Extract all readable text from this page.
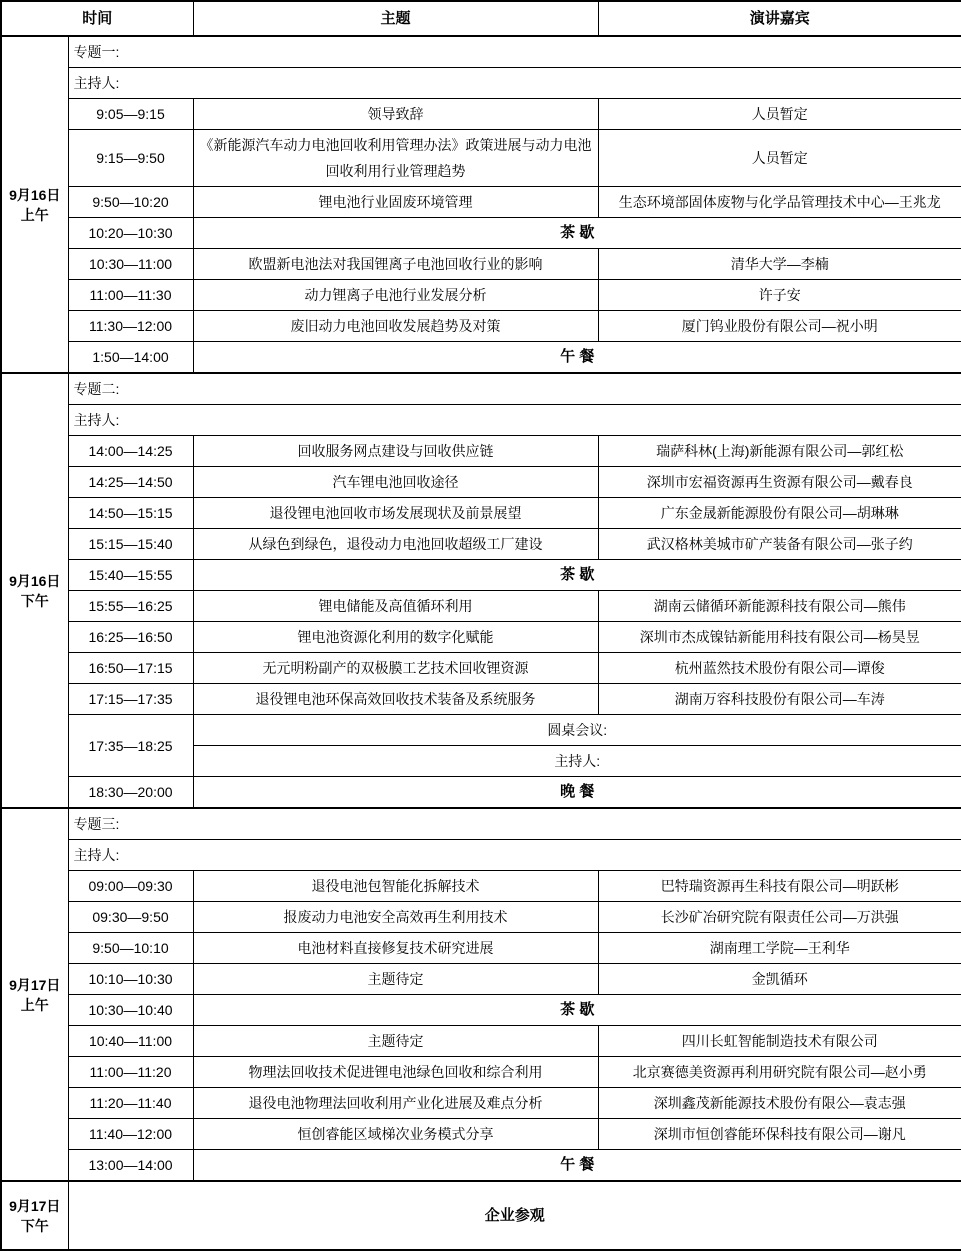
时间		主题	演讲嘉宾

9月16日
上午	专题一:		
	主持人:		
	9:05—9:15	领导致辞	人员暂定
	9:15—9:50	《新能源汽车动力电池回收利用管理办法》政策进展与动力电池回收利用行业管理趋势	人员暂定
	9:50—10:20	锂电池行业固废环境管理	生态环境部固体废物与化学品管理技术中心—王兆龙
	10:20—10:30	茶 歇	
	10:30—11:00	欧盟新电池法对我国锂离子电池回收行业的影响	清华大学—李楠
	11:00—11:30	动力锂离子电池行业发展分析	许子安
	11:30—12:00	废旧动力电池回收发展趋势及对策	厦门钨业股份有限公司—祝小明
	1:50—14:00	午 餐	

9月16日
下午	专题二:		
	主持人:		
	14:00—14:25	回收服务网点建设与回收供应链	瑞萨科林(上海)新能源有限公司—郭红松
	14:25—14:50	汽车锂电池回收途径	深圳市宏福资源再生资源有限公司—戴春良
	14:50—15:15	退役锂电池回收市场发展现状及前景展望	广东金晟新能源股份有限公司—胡琳琳
	15:15—15:40	从绿色到绿色，退役动力电池回收超级工厂建设	武汉格林美城市矿产装备有限公司—张子约
	15:40—15:55	茶 歇	
	15:55—16:25	锂电储能及高值循环利用	湖南云储循环新能源科技有限公司—熊伟
	16:25—16:50	锂电池资源化利用的数字化赋能	深圳市杰成镍钴新能用科技有限公司—杨昊昱
	16:50—17:15	无元明粉副产的双极膜工艺技术回收锂资源	杭州蓝然技术股份有限公司—谭俊
	17:15—17:35	退役锂电池环保高效回收技术装备及系统服务	湖南万容科技股份有限公司—车涛
	17:35—18:25	圆桌会议:	
		主持人:	
	18:30—20:00	晚 餐	

9月17日
上午	专题三:		
	主持人:		
	09:00—09:30	退役电池包智能化拆解技术	巴特瑞资源再生科技有限公司—明跃彬
	09:30—9:50	报废动力电池安全高效再生利用技术	长沙矿冶研究院有限责任公司—万洪强
	9:50—10:10	电池材料直接修复技术研究进展	湖南理工学院—王利华
	10:10—10:30	主题待定	金凯循环
	10:30—10:40	茶 歇	
	10:40—11:00	主题待定	四川长虹智能制造技术有限公司
	11:00—11:20	物理法回收技术促进锂电池绿色回收和综合利用	北京赛德美资源再利用研究院有限公司—赵小勇
	11:20—11:40	退役电池物理法回收利用产业化进展及难点分析	深圳鑫茂新能源技术股份有限公—袁志强
	11:40—12:00	恒创睿能区域梯次业务模式分享	深圳市恒创睿能环保科技有限公司—谢凡
	13:00—14:00	午 餐	

9月17日
下午	企业参观		
